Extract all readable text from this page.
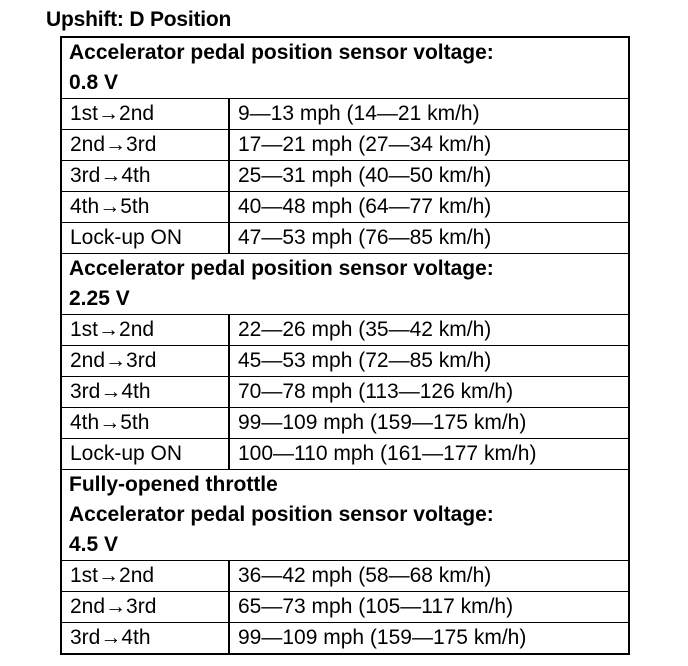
Upshift: D Position
Accelerator pedal position sensor voltage:
0.8 V
1st→2nd	9—13 mph (14—21 km/h)
2nd→3rd	17—21 mph (27—34 km/h)
3rd→4th	25—31 mph (40—50 km/h)
4th→5th	40—48 mph (64—77 km/h)
Lock-up ON	47—53 mph (76—85 km/h)
Accelerator pedal position sensor voltage:
2.25 V
1st→2nd	22—26 mph (35—42 km/h)
2nd→3rd	45—53 mph (72—85 km/h)
3rd→4th	70—78 mph (113—126 km/h)
4th→5th	99—109 mph (159—175 km/h)
Lock-up ON	100—110 mph (161—177 km/h)
Fully-opened throttle
Accelerator pedal position sensor voltage:
4.5 V
1st→2nd	36—42 mph (58—68 km/h)
2nd→3rd	65—73 mph (105—117 km/h)
3rd→4th	99—109 mph (159—175 km/h)
